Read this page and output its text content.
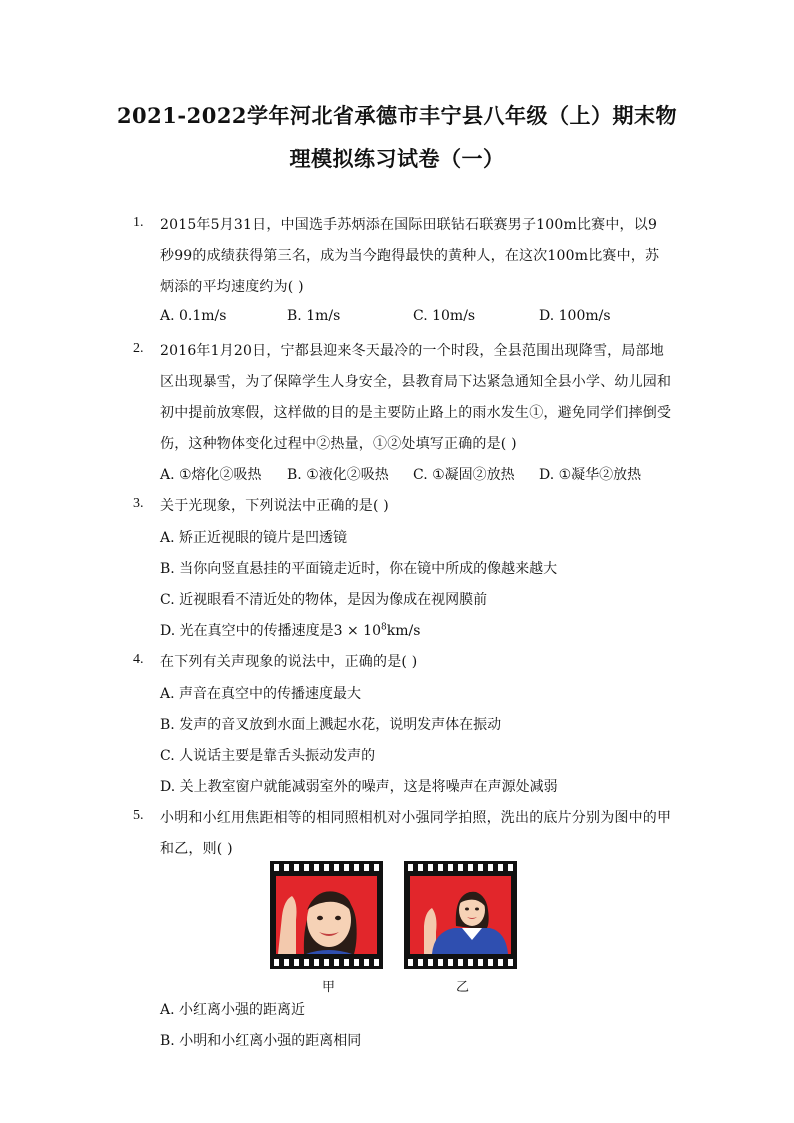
2021-2022学年河北省承德市丰宁县八年级（上）期末物
理模拟练习试卷（一）
1. 2015年5月31日，中国选手苏炳添在国际田联钻石联赛男子100m比赛中，以9
秒99的成绩获得第三名，成为当今跑得最快的黄种人，在这次100m比赛中，苏
炳添的平均速度约为( )
A. 0.1m/s	B. 1m/s	C. 10m/s	D. 100m/s
2. 2016年1月20日，宁都县迎来冬天最冷的一个时段，全县范围出现降雪，局部地
区出现暴雪，为了保障学生人身安全，县教育局下达紧急通知全县小学、幼儿园和
初中提前放寒假，这样做的目的是主要防止路上的雨水发生①，避免同学们摔倒受
伤，这种物体变化过程中②热量，①②处填写正确的是( )
A. ①熔化②吸热 B. ①液化②吸热 C. ①凝固②放热 D. ①凝华②放热
3. 关于光现象，下列说法中正确的是( )
A. 矫正近视眼的镜片是凹透镜
B. 当你向竖直悬挂的平面镜走近时，你在镜中所成的像越来越大
C. 近视眼看不清近处的物体，是因为像成在视网膜前
D. 光在真空中的传播速度是$3 \times 10^8km/s$
4. 在下列有关声现象的说法中，正确的是( )
A. 声音在真空中的传播速度最大
B. 发声的音叉放到水面上溅起水花，说明发声体在振动
C. 人说话主要是靠舌头振动发声的
D. 关上教室窗户就能减弱室外的噪声，这是将噪声在声源处减弱
5. 小明和小红用焦距相等的相同照相机对小强同学拍照，洗出的底片分别为图中的甲
和乙，则( )
甲	乙
A. 小红离小强的距离近
B. 小明和小红离小强的距离相同
